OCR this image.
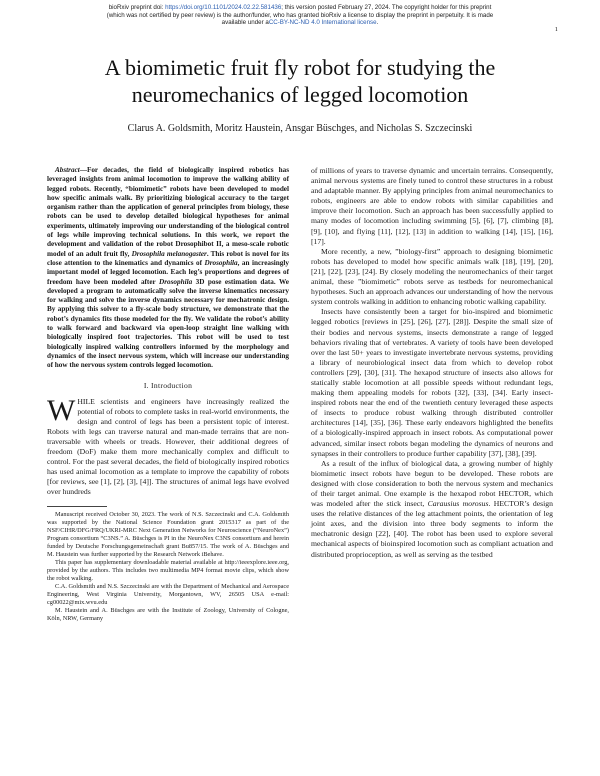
bioRxiv preprint doi: https://doi.org/10.1101/2024.02.22.581436; this version posted February 27, 2024. The copyright holder for this preprint
(which was not certified by peer review) is the author/funder, who has granted bioRxiv a license to display the preprint in perpetuity. It is made
available under aCC-BY-NC-ND 4.0 International license.
1
A biomimetic fruit fly robot for studying the
neuromechanics of legged locomotion
Clarus A. Goldsmith, Moritz Haustein, Ansgar Büschges, and Nicholas S. Szczecinski

Abstract—For decades, the field of biologically inspired robotics has leveraged insights from animal locomotion to improve the walking ability of legged robots. Recently, “biomimetic” robots have been developed to model how specific animals walk. By prioritizing biological accuracy to the target organism rather than the application of general principles from biology, these robots can be used to develop detailed biological hypotheses for animal experiments, ultimately improving our understanding of the biological control of legs while improving technical solutions. In this work, we report the development and validation of the robot Drosophibot II, a meso-scale robotic model of an adult fruit fly, Drosophila melanogaster. This robot is novel for its close attention to the kinematics and dynamics of Drosophila, an increasingly important model of legged locomotion. Each leg’s proportions and degrees of freedom have been modeled after Drosophila 3D pose estimation data. We developed a program to automatically solve the inverse kinematics necessary for walking and solve the inverse dynamics necessary for mechatronic design. By applying this solver to a fly-scale body structure, we demonstrate that the robot’s dynamics fits those modeled for the fly. We validate the robot’s ability to walk forward and backward via open-loop straight line walking with biologically inspired foot trajectories. This robot will be used to test biologically inspired walking controllers informed by the morphology and dynamics of the insect nervous system, which will increase our understanding of how the nervous system controls legged locomotion.

I. Introduction

WHILE scientists and engineers have increasingly realized the potential of robots to complete tasks in real-world environments, the design and control of legs has been a persistent topic of interest. Robots with legs can traverse natural and man-made terrains that are non-traversable with wheels or treads. However, their additional degrees of freedom (DoF) make them more mechanically complex and difficult to control. For the past several decades, the field of biologically inspired robotics has used animal locomotion as a template to improve the capability of robots [for reviews, see [1], [2], [3], [4]]. The structures of animal legs have evolved over hundreds

Manuscript received October 30, 2023. The work of N.S. Szczecinski and C.A. Goldsmith was supported by the National Science Foundation grant 2015317 as part of the NSF/CIHR/DFG/FRQ/UKRI-MRC Next Generation Networks for Neuroscience (“NeuroNex”) Program consortium “C3NS.” A. Büschges is PI in the NeuroNex C3NS consortium and herein funded by Deutsche Forschungsgemeinschaft grant Bu857/15. The work of A. Büschges and M. Haustein was further supported by the Research Network iBehave.

This paper has supplementary downloadable material available at http://ieeexplore.ieee.org, provided by the authors. This includes two multimedia MP4 format movie clips, which show the robot walking.

C.A. Goldsmith and N.S. Szczecinski are with the Department of Mechanical and Aerospace Engineering, West Virginia University, Morgantown, WV, 26505 USA e-mail: cg00022@mix.wvu.edu

M. Haustein and A. Büschges are with the Institute of Zoology, University of Cologne, Köln, NRW, Germany

of millions of years to traverse dynamic and uncertain terrains. Consequently, animal nervous systems are finely tuned to control these structures in a robust and adaptable manner. By applying principles from animal neuromechanics to robots, engineers are able to endow robots with similar capabilities and improve their locomotion. Such an approach has been successfully applied to many modes of locomotion including swimming [5], [6], [7], climbing [8], [9], [10], and flying [11], [12], [13] in addition to walking [14], [15], [16], [17].

More recently, a new, ”biology-first” approach to designing biomimetic robots has developed to model how specific animals walk [18], [19], [20], [21], [22], [23], [24]. By closely modeling the neuromechanics of their target animal, these ”biomimetic” robots serve as testbeds for neuromechanical hypotheses. Such an approach advances our understanding of how the nervous system controls walking in addition to enhancing robotic walking capability.

Insects have consistently been a target for bio-inspired and biomimetic legged robotics [reviews in [25], [26], [27], [28]]. Despite the small size of their bodies and nervous systems, insects demonstrate a range of legged behaviors rivaling that of vertebrates. A variety of tools have been developed over the last 50+ years to investigate invertebrate nervous systems, providing a library of neurobiological insect data from which to develop robot controllers [29], [30], [31]. The hexapod structure of insects also allows for statically stable locomotion at all possible speeds without redundant legs, making them appealing models for robots [32], [33], [34]. Early insect-inspired robots near the end of the twentieth century leveraged these aspects of insects to produce robust walking through distributed controller architectures [14], [35], [36]. These early endeavors highlighted the benefits of a biologically-inspired approach in insect robots. As computational power advanced, similar insect robots began modeling the dynamics of neurons and synapses in their controllers to produce further capability [37], [38], [39].

As a result of the influx of biological data, a growing number of highly biomimetic insect robots have begun to be developed. These robots are designed with close consideration to both the nervous system and mechanics of their target animal. One example is the hexapod robot HECTOR, which was modeled after the stick insect, Carausius morosus. HECTOR’s design uses the relative distances of the leg attachment points, the orientation of leg joint axes, and the division into three body segments to inform the mechatronic design [22], [40]. The robot has been used to explore several mechanical aspects of bioinspired locomotion such as compliant actuation and distributed proprioception, as well as serving as the testbed
